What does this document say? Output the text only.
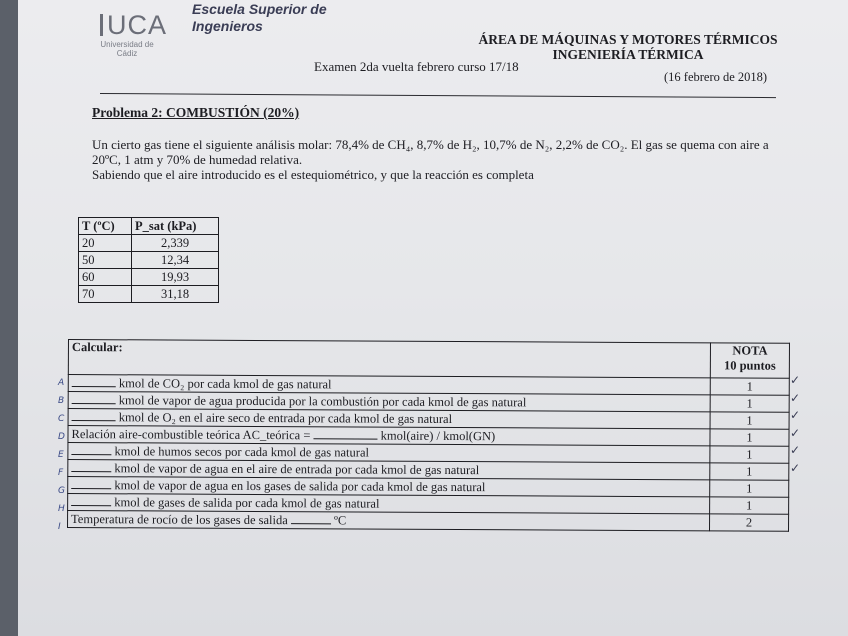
UCA
Universidad de Cádiz
Escuela Superior de Ingenieros
ÁREA DE MÁQUINAS Y MOTORES TÉRMICOS
INGENIERÍA TÉRMICA
Examen 2da vuelta febrero curso 17/18
(16 febrero de 2018)
Problema 2: COMBUSTIÓN (20%)

Un cierto gas tiene el siguiente análisis molar: 78,4% de CH₄, 8,7% de H₂, 10,7% de N₂, 2,2% de CO₂. El gas se quema con aire a 20ºC, 1 atm y 70% de humedad relativa.

Sabiendo que el aire introducido es el estequiométrico, y que la reacción es completa

T (ºC)	P_sat (kPa)
20	2,339
50	12,34
60	19,93
70	31,18
Calcular:	NOTA
10 puntos

kmol de CO₂ por cada kmol de gas natural	1
kmol de vapor de agua producida por la combustión por cada kmol de gas natural	1
kmol de O₂ en el aire seco de entrada por cada kmol de gas natural	1
Relación aire-combustible teórica AC_teórica = kmol(aire) / kmol(GN)	1
kmol de humos secos por cada kmol de gas natural	1
kmol de vapor de agua en el aire de entrada por cada kmol de gas natural	1
kmol de vapor de agua en los gases de salida por cada kmol de gas natural	1
kmol de gases de salida por cada kmol de gas natural	1
Temperatura de rocío de los gases de salida ºC	2
A
B
C
D
E
F
G
H
I
✓
✓
✓
✓
✓
✓
